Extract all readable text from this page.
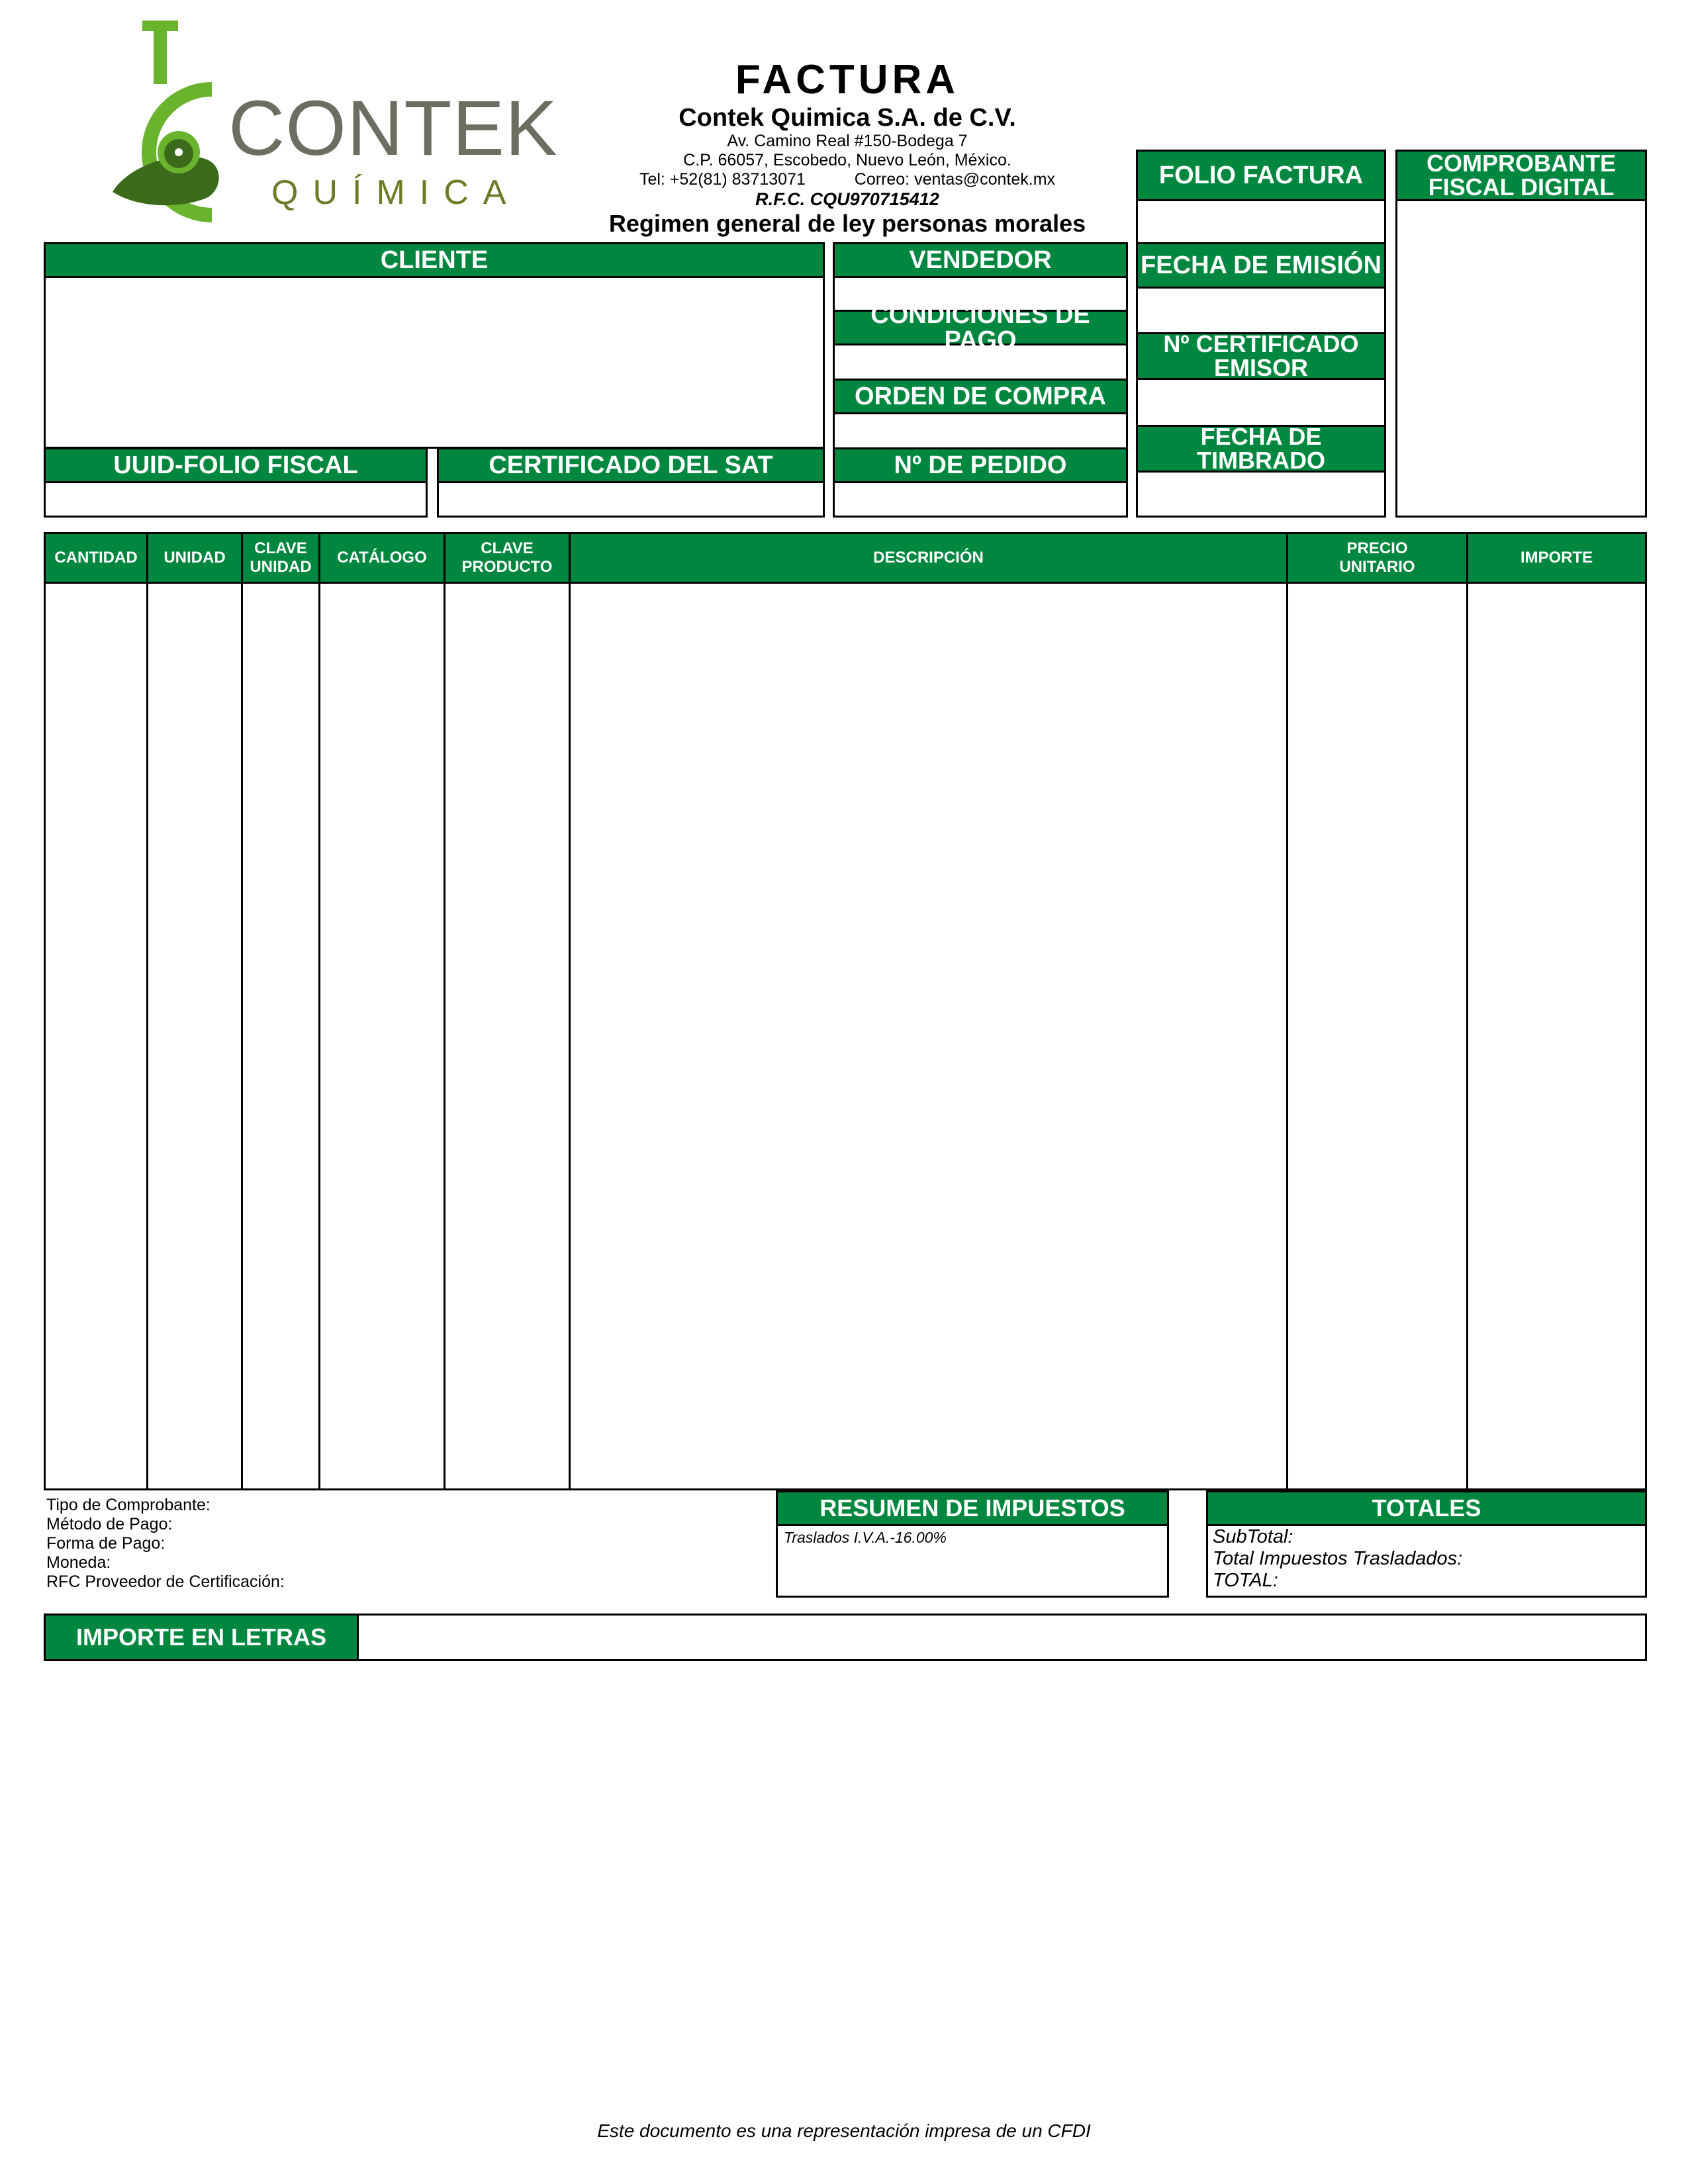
CONTEK
QUÍMICA
FACTURA
Contek Quimica S.A. de C.V.
Av. Camino Real #150-Bodega 7
C.P. 66057, Escobedo, Nuevo León, México.
Tel: +52(81) 83713071	Correo: ventas@contek.mx
R.F.C. CQU970715412
Regimen general de ley personas morales
FOLIO FACTURA
FECHA DE EMISIÓN
Nº CERTIFICADO
EMISOR
FECHA DE
TIMBRADO
COMPROBANTE
FISCAL DIGITAL
CLIENTE
UUID-FOLIO FISCAL	CERTIFICADO DEL SAT
VENDEDOR
CONDICIONES DE PAGO
ORDEN DE COMPRA
Nº DE PEDIDO
CANTIDAD UNIDAD
CLAVE
UNIDAD
CATÁLOGO
CLAVE
PRODUCTO
DESCRIPCIÓN
PRECIO
UNITARIO
IMPORTE
Tipo de Comprobante:
Método de Pago:
Forma de Pago:
Moneda:
RFC Proveedor de Certificación:
RESUMEN DE IMPUESTOS
Traslados I.V.A.-16.00%
TOTALES
SubTotal:
Total Impuestos Trasladados:
TOTAL:
IMPORTE EN LETRAS
Este documento es una representación impresa de un CFDI
